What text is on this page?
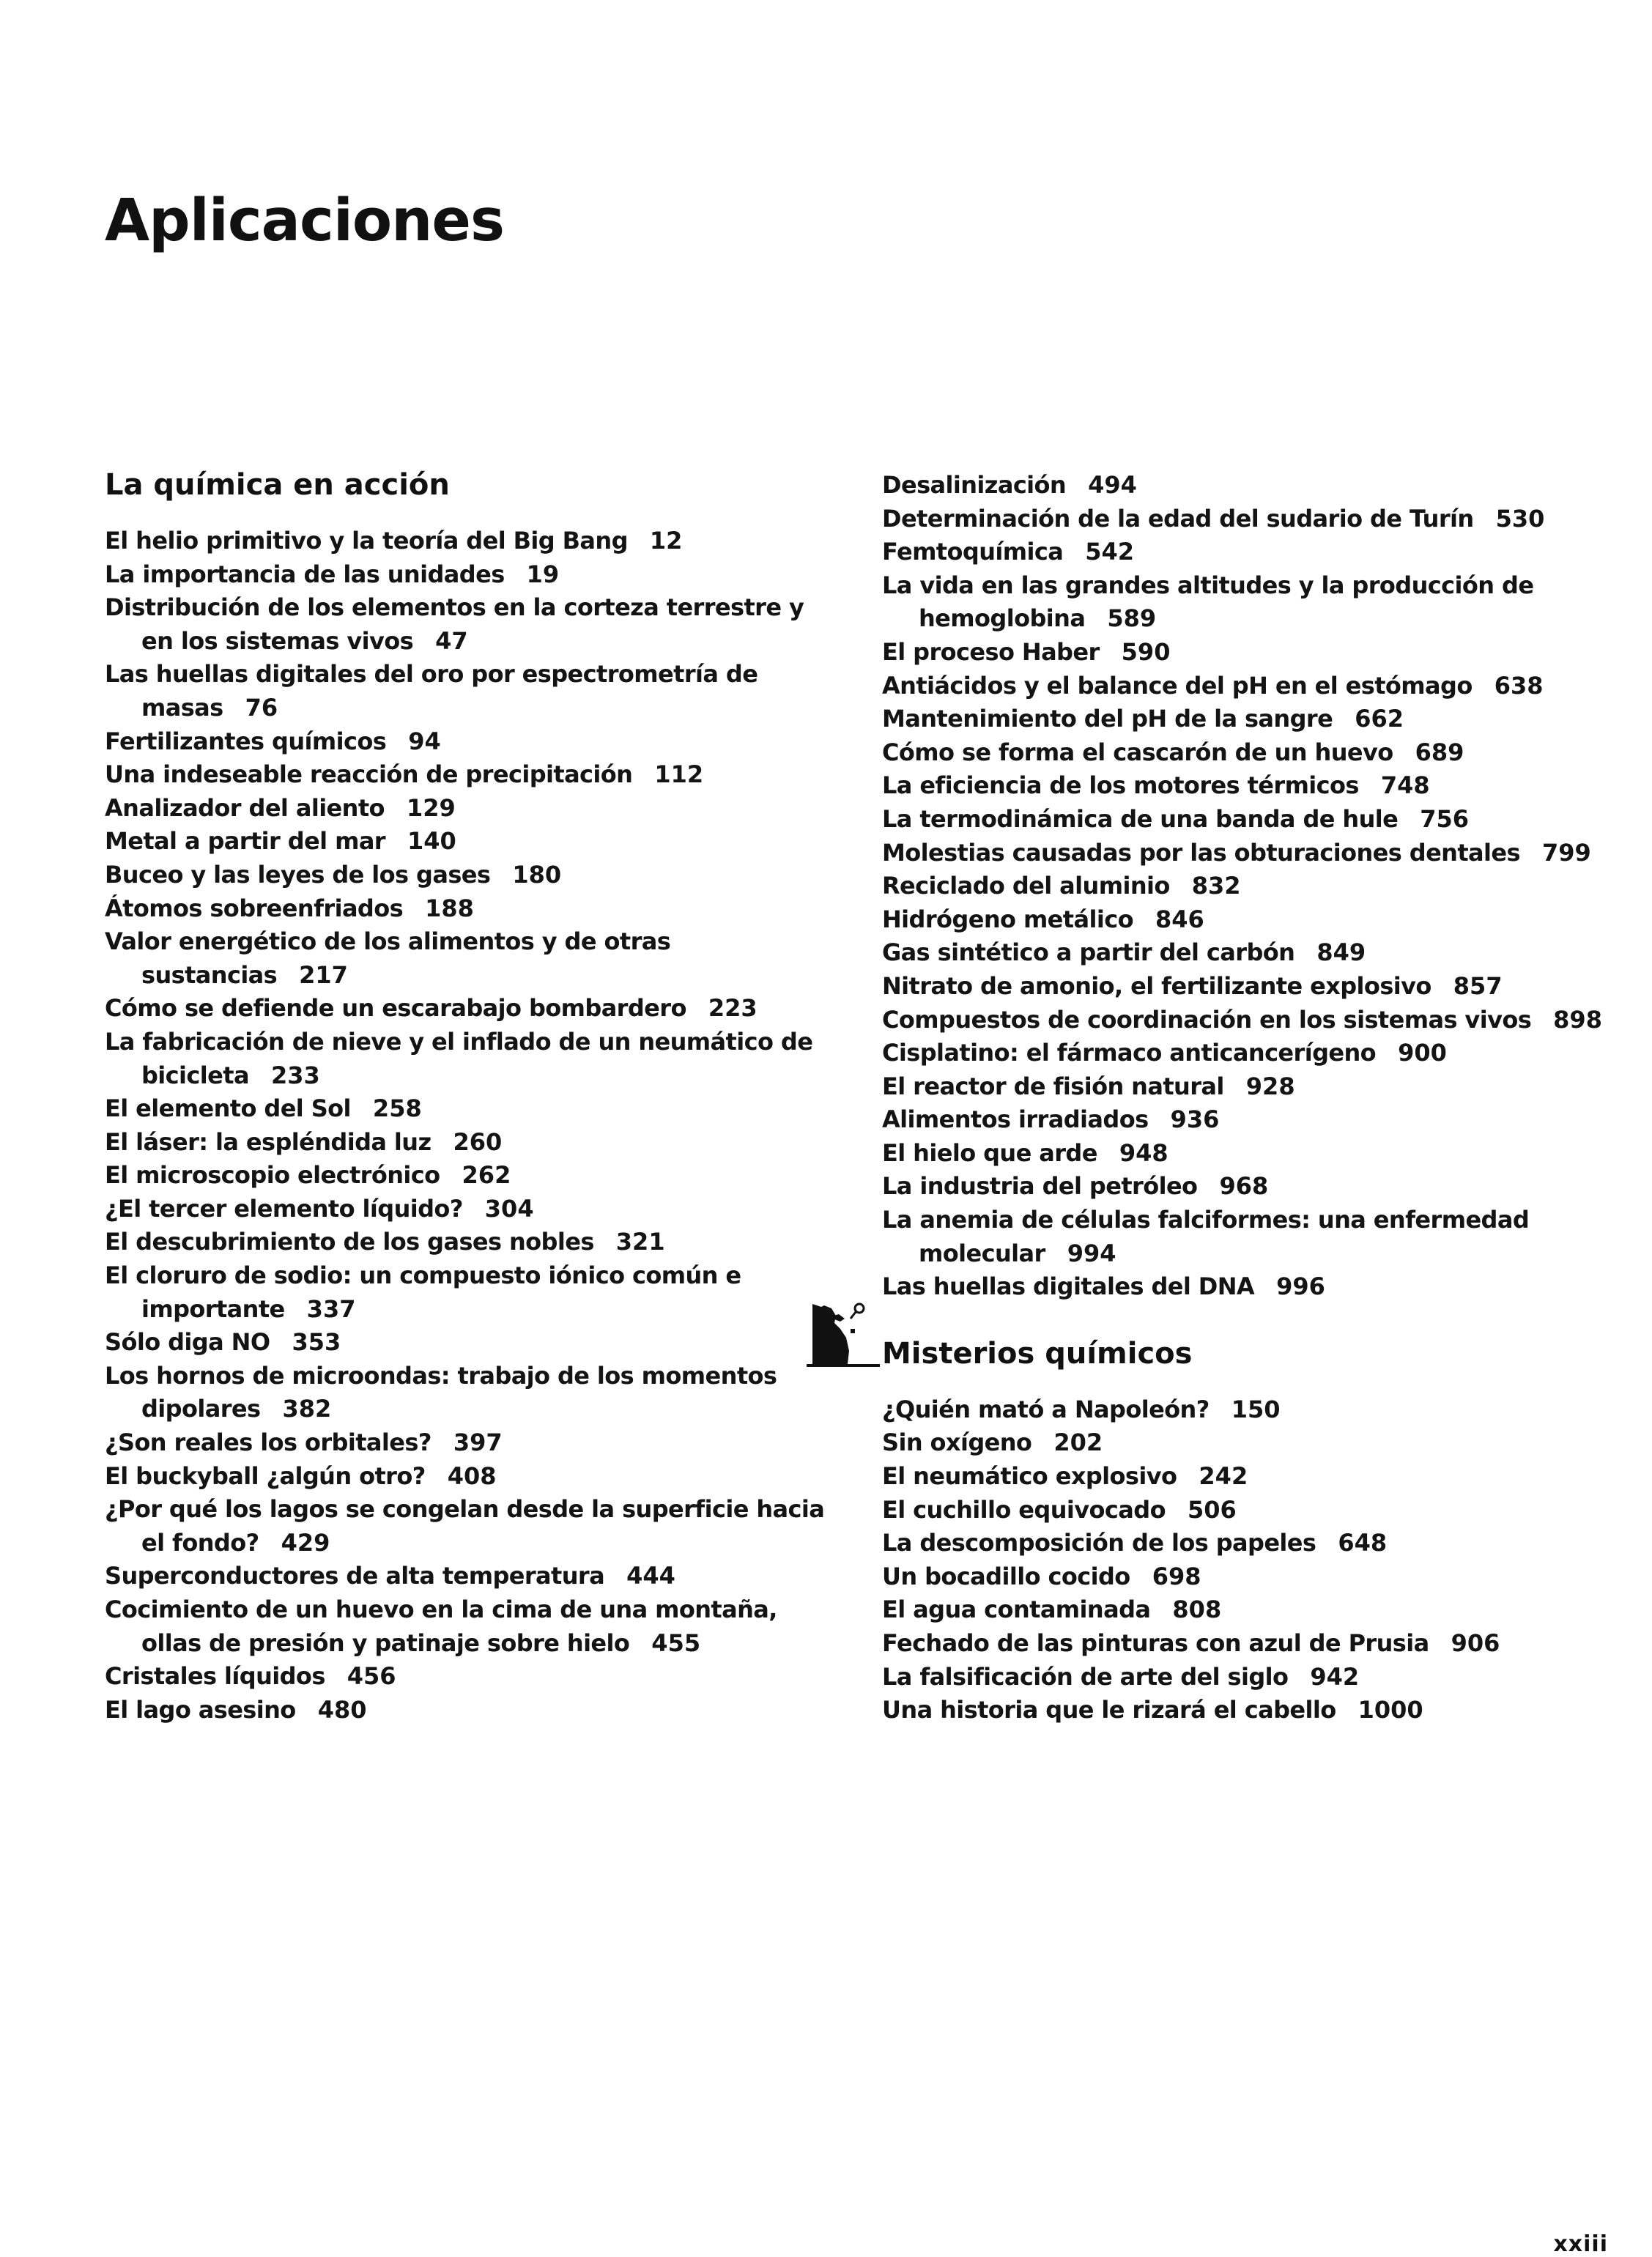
Aplicaciones
La química en acción
El helio primitivo y la teoría del Big Bang 12
La importancia de las unidades 19
Distribución de los elementos en la corteza terrestre y en los sistemas vivos 47
Las huellas digitales del oro por espectrometría de masas 76
Fertilizantes químicos 94
Una indeseable reacción de precipitación 112
Analizador del aliento 129
Metal a partir del mar 140
Buceo y las leyes de los gases 180
Átomos sobreenfriados 188
Valor energético de los alimentos y de otras sustancias 217
Cómo se defiende un escarabajo bombardero 223
La fabricación de nieve y el inflado de un neumático de bicicleta 233
El elemento del Sol 258
El láser: la espléndida luz 260
El microscopio electrónico 262
¿El tercer elemento líquido? 304
El descubrimiento de los gases nobles 321
El cloruro de sodio: un compuesto iónico común e importante 337
Sólo diga NO 353
Los hornos de microondas: trabajo de los momentos dipolares 382
¿Son reales los orbitales? 397
El buckyball ¿algún otro? 408
¿Por qué los lagos se congelan desde la superficie hacia el fondo? 429
Superconductores de alta temperatura 444
Cocimiento de un huevo en la cima de una montaña, ollas de presión y patinaje sobre hielo 455
Cristales líquidos 456
El lago asesino 480
Desalinización 494
Determinación de la edad del sudario de Turín 530
Femtoquímica 542
La vida en las grandes altitudes y la producción de hemoglobina 589
El proceso Haber 590
Antiácidos y el balance del pH en el estómago 638
Mantenimiento del pH de la sangre 662
Cómo se forma el cascarón de un huevo 689
La eficiencia de los motores térmicos 748
La termodinámica de una banda de hule 756
Molestias causadas por las obturaciones dentales 799
Reciclado del aluminio 832
Hidrógeno metálico 846
Gas sintético a partir del carbón 849
Nitrato de amonio, el fertilizante explosivo 857
Compuestos de coordinación en los sistemas vivos 898
Cisplatino: el fármaco anticancerígeno 900
El reactor de fisión natural 928
Alimentos irradiados 936
El hielo que arde 948
La industria del petróleo 968
La anemia de células falciformes: una enfermedad molecular 994
Las huellas digitales del DNA 996
Misterios químicos
¿Quién mató a Napoleón? 150
Sin oxígeno 202
El neumático explosivo 242
El cuchillo equivocado 506
La descomposición de los papeles 648
Un bocadillo cocido 698
El agua contaminada 808
Fechado de las pinturas con azul de Prusia 906
La falsificación de arte del siglo 942
Una historia que le rizará el cabello 1000
xxiii
